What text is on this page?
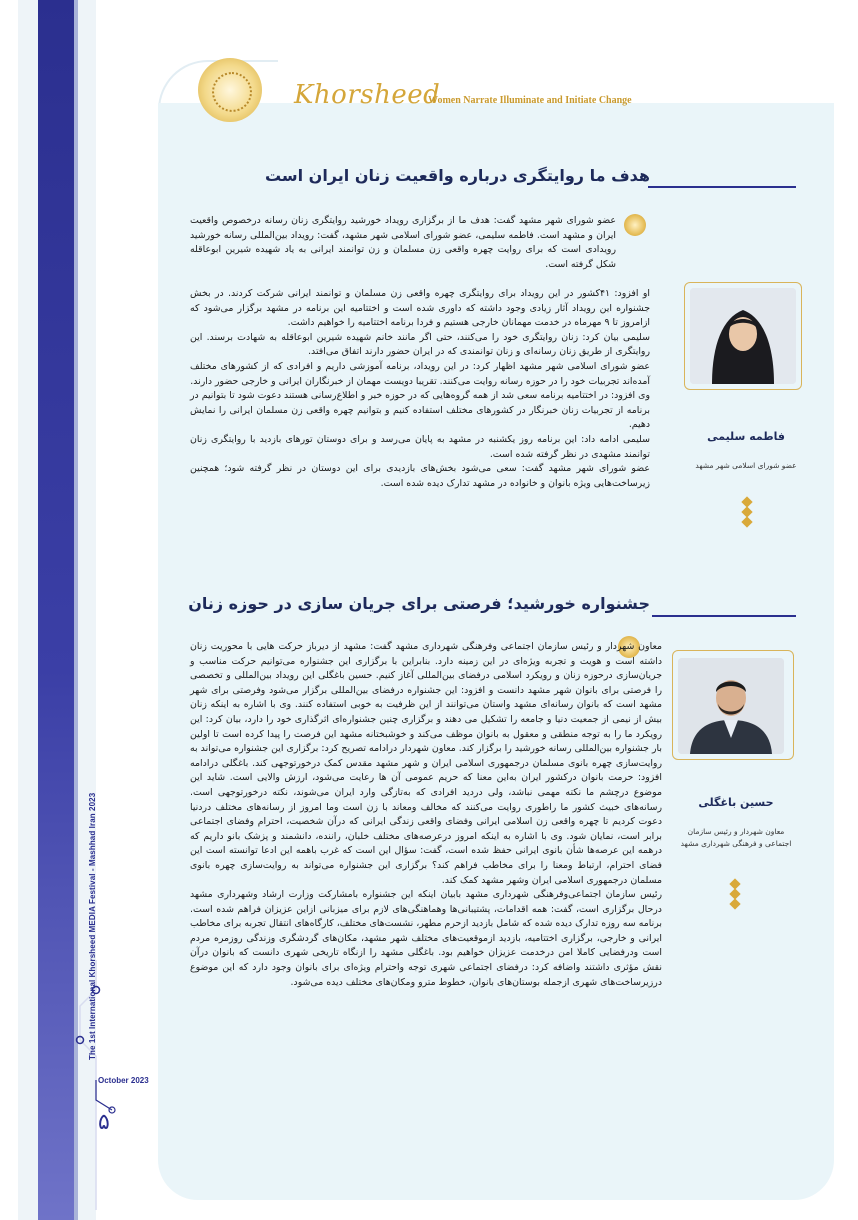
The 1st International Khorsheed MEDIA Festival - Mashhad Iran 2023
October 2023
۵
Khorsheed
Women Narrate Illuminate and Initiate Change
هدف ما روایتگری درباره واقعیت زنان ایران است

عضو شورای شهر مشهد گفت: هدف ما از برگزاری رویداد خورشید روایتگری زنان رسانه درخصوص واقعیت ایران و مشهد است. فاطمه سلیمی، عضو شورای اسلامی شهر مشهد، گفت: رویداد بین‌المللی رسانه خورشید رویدادی است که برای روایت چهره واقعی زن مسلمان و زن توانمند ایرانی به یاد شهیده شیرین ابوعاقله شکل گرفته است.

او افزود: ۴۱کشور در این رویداد برای روایتگری چهره واقعی زن مسلمان و توانمند ایرانی شرکت کردند. در بخش جشنواره این رویداد آثار زیادی وجود داشته که داوری شده است و اختتامیه این برنامه در مشهد برگزار می‌شود که ازامروز تا ۹ مهرماه در خدمت مهمانان خارجی هستیم و فردا برنامه اختتامیه را خواهیم داشت.

سلیمی بیان کرد: زنان روایتگری خود را می‌کنند، حتی اگر مانند خانم شهیده شیرین ابوعاقله به شهادت برسند. این روایتگری از طریق زنان رسانه‌ای و زنان توانمندی که در ایران حضور دارند اتفاق می‌افتد.

عضو شورای اسلامی شهر مشهد اظهار کرد: در این رویداد، برنامه آموزشی داریم و افرادی که از کشورهای مختلف آمده‌اند تجربیات خود را در حوزه رسانه روایت می‌کنند. تقریبا دویست مهمان از خبرنگاران ایرانی و خارجی حضور دارند.

وی افزود: در اختتامیه برنامه سعی شد از همه گروه‌هایی که در حوزه خبر و اطلاع‌رسانی هستند دعوت شود تا بتوانیم در برنامه از تجربیات زنان خبرنگار در کشورهای مختلف استفاده کنیم و بتوانیم چهره واقعی زن مسلمان ایرانی را نمایش دهیم.

سلیمی ادامه داد: این برنامه روز یکشنبه در مشهد به پایان می‌رسد و برای دوستان تورهای بازدید با روایتگری زنان توانمند مشهدی در نظر گرفته شده است.

عضو شورای شهر مشهد گفت: سعی می‌شود بخش‌های بازدیدی برای این دوستان در نظر گرفته شود؛ همچنین زیرساخت‌هایی ویژه بانوان و خانواده در مشهد تدارک دیده شده است.

فاطمه سلیمی
عضو شورای اسلامی شهر مشهد
جشنواره خورشید؛ فرصتی برای جریان سازی در حوزه زنان

معاون شهردار و رئیس سازمان اجتماعی وفرهنگی شهرداری مشهد گفت: مشهد از دیرباز حرکت هایی با محوریت زنان داشته است و هویت و تجربه ویژه‌ای در این زمینه دارد. بنابراین با برگزاری این جشنواره می‌توانیم حرکت مناسب و جریان‌سازی درحوزه زنان و رویکرد اسلامی درفضای بین‌المللی آغاز کنیم. حسین باغگلی این رویداد بین‌المللی و تخصصی را فرصتی برای بانوان شهر مشهد دانست و افزود: این جشنواره درفضای بین‌المللی برگزار می‌شود وفرصتی برای شهر مشهد است که بانوان رسانه‌ای مشهد واستان می‌توانند از این ظرفیت به خوبی استفاده کنند. وی با اشاره به اینکه زنان بیش از نیمی از جمعیت دنیا و جامعه را تشکیل می دهند و برگزاری چنین جشنواره‌ای اثرگذاری خود را دارد، بیان کرد: این رویکرد ما را به توجه منطقی و معقول به بانوان موظف می‌کند و خوشبختانه مشهد این فرصت را پیدا کرده است تا اولین بار جشنواره بین‌المللی رسانه خورشید را برگزار کند. معاون شهردار درادامه تصریح کرد: برگزاری این جشنواره می‌تواند به روایت‌سازی چهره بانوی مسلمان درجمهوری اسلامی ایران و شهر مشهد مقدس کمک درخورتوجهی کند. باغگلی درادامه افزود: حرمت بانوان درکشور ایران به‌این معنا که حریم عمومی آن ها رعایت می‌شود، ارزش والایی است. شاید این موضوع درچشم ما نکته مهمی نباشد، ولی دردید افرادی که به‌تازگی وارد ایران می‌شوند، نکته درخورتوجهی است. رسانه‌های خبیث کشور ما راطوری روایت می‌کنند که مخالف ومعاند با زن است وما امروز از رسانه‌های مختلف دردنیا دعوت کردیم تا چهره واقعی زن اسلامی ایرانی وفضای واقعی زندگی ایرانی که درآن شخصیت، احترام وفضای اجتماعی برابر است، نمایان شود. وی با اشاره به اینکه امروز درعرصه‌های مختلف خلبان، راننده، دانشمند و پزشک بانو داریم که درهمه این عرصه‌ها شأن بانوی ایرانی حفظ شده است، گفت: سؤال این است که غرب باهمه این ادعا توانسته است این فضای احترام، ارتباط ومعنا را برای مخاطب فراهم کند؟ برگزاری این جشنواره می‌تواند به روایت‌سازی چهره بانوی مسلمان درجمهوری اسلامی ایران وشهر مشهد کمک کند.

رئیس سازمان اجتماعی‌وفرهنگی شهرداری مشهد بابیان اینکه این جشنواره بامشارکت وزارت ارشاد وشهرداری مشهد درحال برگزاری است، گفت: همه اقدامات، پشتیبانی‌ها وهماهنگی‌های لازم برای میزبانی ازاین عزیزان فراهم شده است. برنامه سه روزه تدارک دیده شده که شامل بازدید ازحرم مطهر، نشست‌های مختلف، کارگاه‌های انتقال تجربه برای مخاطب ایرانی و خارجی، برگزاری اختتامیه، بازدید ازموقعیت‌های مختلف شهر مشهد، مکان‌های گردشگری وزندگی روزمره مردم است ودرفضایی کاملا امن درخدمت عزیزان خواهیم بود. باغگلی مشهد را ازنگاه تاریخی شهری دانست که بانوان درآن نقش مؤثری داشتند واضافه کرد: درفضای اجتماعی شهری توجه واحترام ویژه‌ای برای بانوان وجود دارد که این موضوع درزیرساخت‌های شهری ازجمله بوستان‌های بانوان، خطوط مترو ومکان‌های مختلف دیده می‌شود.

حسین باغگلی
معاون شهردار و رئیس سازمان اجتماعی و فرهنگی شهرداری مشهد
